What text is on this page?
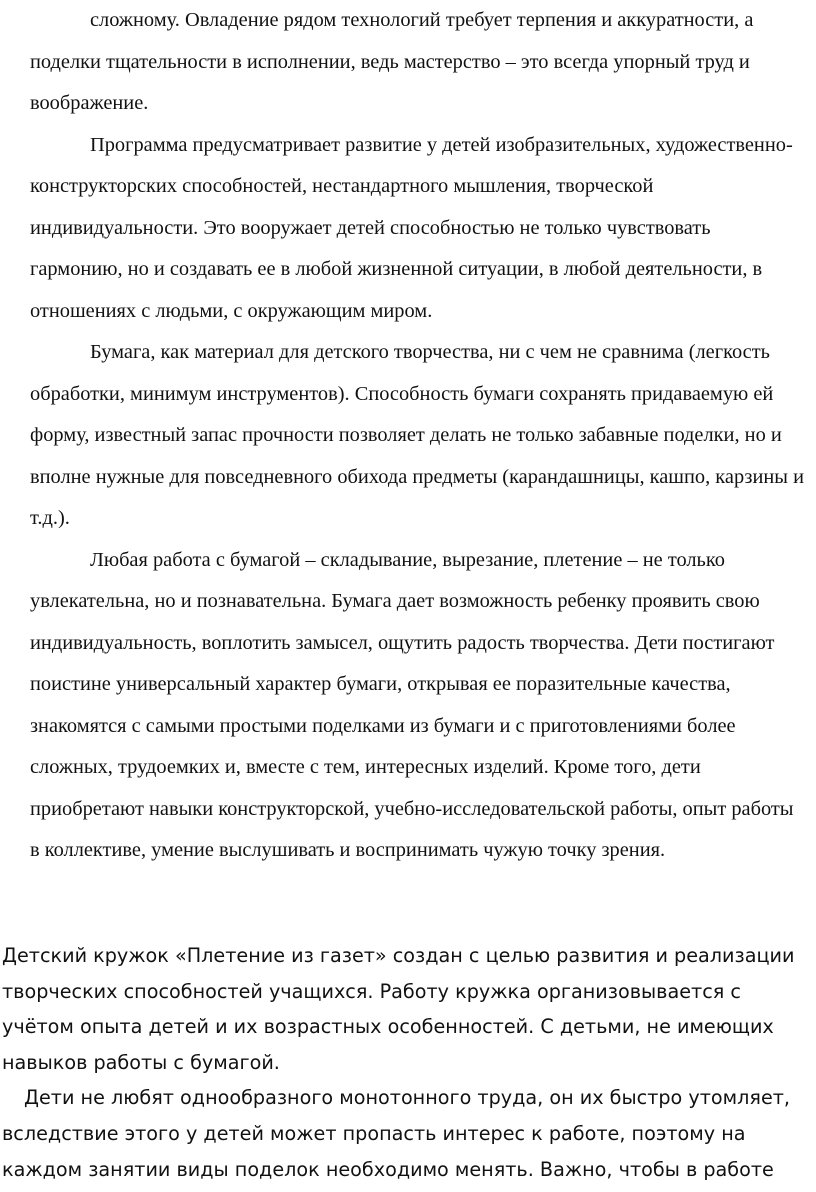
сложному. Овладение рядом технологий требует терпения и аккуратности, а поделки тщательности в исполнении, ведь мастерство – это всегда упорный труд и воображение.

Программа предусматривает развитие у детей изобразительных, художественно-конструкторских способностей, нестандартного мышления, творческой индивидуальности. Это вооружает детей способностью не только чувствовать гармонию, но и создавать ее в любой жизненной ситуации, в любой деятельности, в отношениях с людьми, с окружающим миром.

Бумага, как материал для детского творчества, ни с чем не сравнима (легкость обработки, минимум инструментов). Способность бумаги сохранять придаваемую ей форму, известный запас прочности позволяет делать не только забавные поделки, но и вполне нужные для повседневного обихода предметы (карандашницы, кашпо, карзины и т.д.).

Любая работа с бумагой – складывание, вырезание, плетение – не только увлекательна, но и познавательна. Бумага дает возможность ребенку проявить свою индивидуальность, воплотить замысел, ощутить радость творчества. Дети постигают поистине универсальный характер бумаги, открывая ее поразительные качества, знакомятся с самыми простыми поделками из бумаги и с приготовлениями более сложных, трудоемких и, вместе с тем, интересных изделий. Кроме того, дети приобретают навыки конструкторской, учебно-исследовательской работы, опыт работы в коллективе, умение выслушивать и воспринимать чужую точку зрения.

Детский кружок «Плетение из газет» создан с целью развития и реализации творческих способностей учащихся. Работу кружка организовывается с учётом опыта детей и их возрастных особенностей. С детьми, не имеющих навыков работы с бумагой.

Дети не любят однообразного монотонного труда, он их быстро утомляет, вследствие этого у детей может пропасть интерес к работе, поэтому на каждом занятии виды поделок необходимо менять. Важно, чтобы в работе
